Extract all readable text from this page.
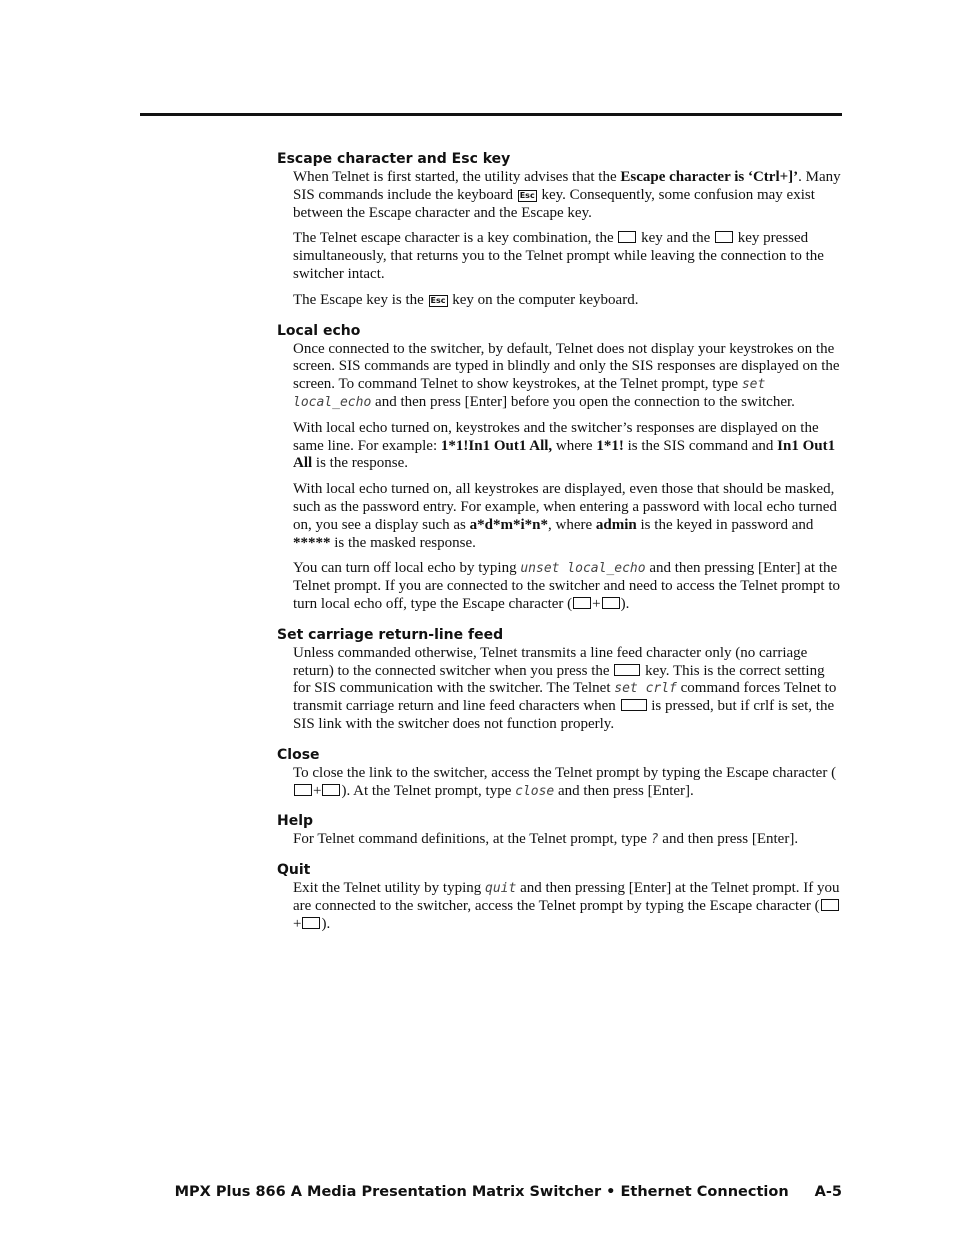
Escape character and Esc key

When Telnet is first started, the utility advises that the Escape character is ‘Ctrl+]’. Many SIS commands include the keyboard Esc key. Consequently, some confusion may exist between the Escape character and the Escape key.

The Telnet escape character is a key combination, the  key and the  key pressed simultaneously, that returns you to the Telnet prompt while leaving the connection to the switcher intact.

The Escape key is the Esc key on the computer keyboard.

Local echo

Once connected to the switcher, by default, Telnet does not display your keystrokes on the screen. SIS commands are typed in blindly and only the SIS responses are displayed on the screen. To command Telnet to show keystrokes, at the Telnet prompt, type set local_echo and then press [Enter] before you open the connection to the switcher.

With local echo turned on, keystrokes and the switcher’s responses are displayed on the same line. For example: 1*1!In1 Out1 All, where 1*1! is the SIS command and In1 Out1 All is the response.

With local echo turned on, all keystrokes are displayed, even those that should be masked, such as the password entry. For example, when entering a password with local echo turned on, you see a display such as a*d*m*i*n*, where admin is the keyed in password and ***** is the masked response.

You can turn off local echo by typing unset local_echo and then pressing [Enter] at the Telnet prompt. If you are connected to the switcher and need to access the Telnet prompt to turn local echo off, type the Escape character ( + ).

Set carriage return-line feed

Unless commanded otherwise, Telnet transmits a line feed character only (no carriage return) to the connected switcher when you press the  key. This is the correct setting for SIS communication with the switcher. The Telnet set crlf command forces Telnet to transmit carriage return and line feed characters when  is pressed, but if crlf is set, the SIS link with the switcher does not function properly.

Close

To close the link to the switcher, access the Telnet prompt by typing the Escape character (+ ). At the Telnet prompt, type close and then press [Enter].

Help

For Telnet command definitions, at the Telnet prompt, type ? and then press [Enter].

Quit

Exit the Telnet utility by typing quit and then pressing [Enter] at the Telnet prompt. If you are connected to the switcher, access the Telnet prompt by typing the Escape character (+ ).

MPX Plus 866 A Media Presentation Matrix Switcher • Ethernet Connection A-5
